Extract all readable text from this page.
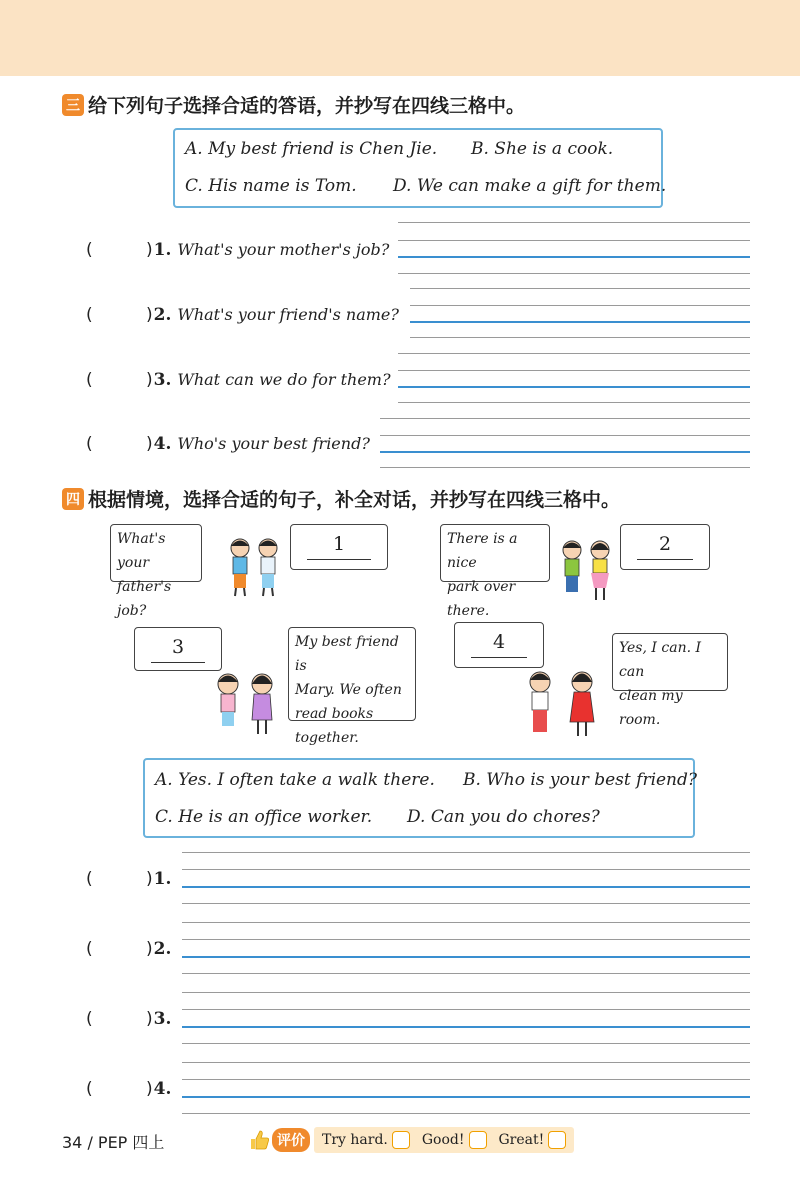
三 给下列句子选择合适的答语，并抄写在四线三格中。
A. My best friend is Chen Jie. B. She is a cook.
C. His name is Tom. D. We can make a gift for them.
(	) 1. What's your mother's job?
(	) 2. What's your friend's name?
(	) 3. What can we do for them?
(	) 4. Who's your best friend?
四 根据情境，选择合适的句子，补全对话，并抄写在四线三格中。
What's your
father's job?
1	There is a nice
park over there.
2
3	My best friend is
Mary. We often
read books together.
4	Yes, I can. I can
clean my room.
A. Yes. I often take a walk there. B. Who is your best friend?
C. He is an office worker. D. Can you do chores?
(	) 1.
(	) 2.
(	) 3.
(	) 4.
34 / PEP 四上	评价	Try hard. Good! Great!
